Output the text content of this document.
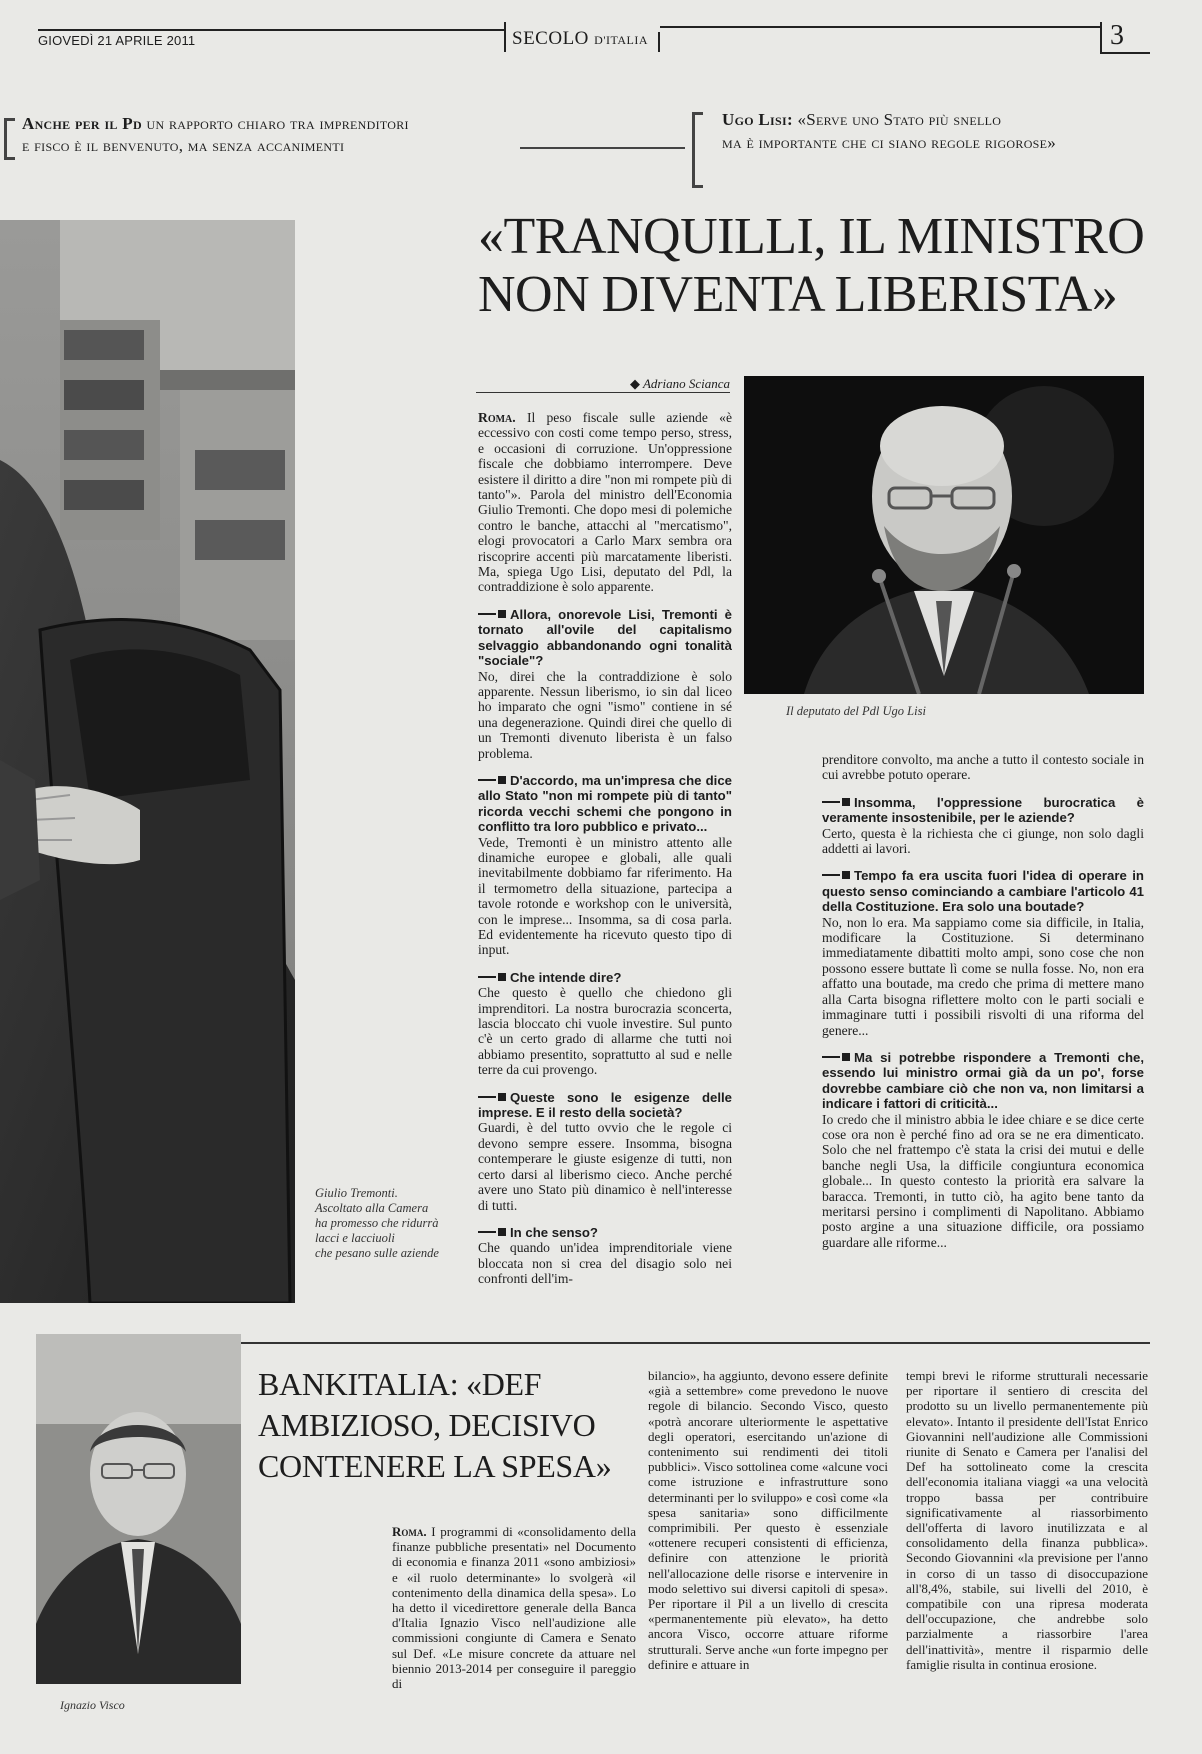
GIOVEDÌ 21 APRILE 2011	SECOLO D'ITALIA	3
Anche per il Pd un rapporto chiaro tra imprenditori
e fisco è il benvenuto, ma senza accanimenti
Ugo Lisi: «Serve uno Stato più snello
ma è importante che ci siano regole rigorose»
Giulio Tremonti.
Ascoltato alla Camera
ha promesso che ridurrà
lacci e lacciuoli
che pesano sulle aziende
«TRANQUILLI, IL MINISTRO
NON DIVENTA LIBERISTA»
◆ Adriano Scianca
Il deputato del Pdl Ugo Lisi

Roma. Il peso fiscale sulle aziende «è eccessivo con costi come tempo perso, stress, e occasioni di corruzione. Un'oppressione fiscale che dobbiamo interrompere. Deve esistere il diritto a dire "non mi rompete più di tanto"». Parola del ministro dell'Economia Giulio Tremonti. Che dopo mesi di polemiche contro le banche, attacchi al "mercatismo", elogi provocatori a Carlo Marx sembra ora riscoprire accenti più marcatamente liberisti. Ma, spiega Ugo Lisi, deputato del Pdl, la contraddizione è solo apparente.

Allora, onorevole Lisi, Tremonti è tornato all'ovile del capitalismo selvaggio abbandonando ogni tonalità "sociale"?

No, direi che la contraddizione è solo apparente. Nessun liberismo, io sin dal liceo ho imparato che ogni "ismo" contiene in sé una degenerazione. Quindi direi che quello di un Tremonti divenuto liberista è un falso problema.

D'accordo, ma un'impresa che dice allo Stato "non mi rompete più di tanto" ricorda vecchi schemi che pongono in conflitto tra loro pubblico e privato...

Vede, Tremonti è un ministro attento alle dinamiche europee e globali, alle quali inevitabilmente dobbiamo far riferimento. Ha il termometro della situazione, partecipa a tavole rotonde e workshop con le università, con le imprese... Insomma, sa di cosa parla. Ed evidentemente ha ricevuto questo tipo di input.

Che intende dire?

Che questo è quello che chiedono gli imprenditori. La nostra burocrazia sconcerta, lascia bloccato chi vuole investire. Sul punto c'è un certo grado di allarme che tutti noi abbiamo presentito, soprattutto al sud e nelle terre da cui provengo.

Queste sono le esigenze delle imprese. E il resto della società?

Guardi, è del tutto ovvio che le regole ci devono sempre essere. Insomma, bisogna contemperare le giuste esigenze di tutti, non certo darsi al liberismo cieco. Anche perché avere uno Stato più dinamico è nell'interesse di tutti.

In che senso?

Che quando un'idea imprenditoriale viene bloccata non si crea del disagio solo nei confronti dell'im-

prenditore convolto, ma anche a tutto il contesto sociale in cui avrebbe potuto operare.

Insomma, l'oppressione burocratica è veramente insostenibile, per le aziende?

Certo, questa è la richiesta che ci giunge, non solo dagli addetti ai lavori.

Tempo fa era uscita fuori l'idea di operare in questo senso cominciando a cambiare l'articolo 41 della Costituzione. Era solo una boutade?

No, non lo era. Ma sappiamo come sia difficile, in Italia, modificare la Costituzione. Si determinano immediatamente dibattiti molto ampi, sono cose che non possono essere buttate lì come se nulla fosse. No, non era affatto una boutade, ma credo che prima di mettere mano alla Carta bisogna riflettere molto con le parti sociali e immaginare tutti i possibili risvolti di una riforma del genere...

Ma si potrebbe rispondere a Tremonti che, essendo lui ministro ormai già da un po', forse dovrebbe cambiare ciò che non va, non limitarsi a indicare i fattori di criticità...

Io credo che il ministro abbia le idee chiare e se dice certe cose ora non è perché fino ad ora se ne era dimenticato. Solo che nel frattempo c'è stata la crisi dei mutui e delle banche negli Usa, la difficile congiuntura economica globale... In questo contesto la priorità era salvare la baracca. Tremonti, in tutto ciò, ha agito bene tanto da meritarsi persino i complimenti di Napolitano. Abbiamo posto argine a una situazione difficile, ora possiamo guardare alle riforme...

Ignazio Visco
BANKITALIA: «DEF
AMBIZIOSO, DECISIVO
CONTENERE LA SPESA»

Roma. I programmi di «consolidamento della finanze pubbliche presentati» nel Documento di economia e finanza 2011 «sono ambiziosi» e «il ruolo determinante» lo svolgerà «il contenimento della dinamica della spesa». Lo ha detto il vicedirettore generale della Banca d'Italia Ignazio Visco nell'audizione alle commissioni congiunte di Camera e Senato sul Def. «Le misure concrete da attuare nel biennio 2013-2014 per conseguire il pareggio di

bilancio», ha aggiunto, devono essere definite «già a settembre» come prevedono le nuove regole di bilancio. Secondo Visco, questo «potrà ancorare ulteriormente le aspettative degli operatori, esercitando un'azione di contenimento sui rendimenti dei titoli pubblici». Visco sottolinea come «alcune voci come istruzione e infrastrutture sono determinanti per lo sviluppo» e così come «la spesa sanitaria» sono difficilmente comprimibili. Per questo è essenziale «ottenere recuperi consistenti di efficienza, definire con attenzione le priorità nell'allocazione delle risorse e intervenire in modo selettivo sui diversi capitoli di spesa». Per riportare il Pil a un livello di crescita «permanentemente più elevato», ha detto ancora Visco, occorre attuare riforme strutturali. Serve anche «un forte impegno per definire e attuare in

tempi brevi le riforme strutturali necessarie per riportare il sentiero di crescita del prodotto su un livello permanentemente più elevato». Intanto il presidente dell'Istat Enrico Giovannini nell'audizione alle Commissioni riunite di Senato e Camera per l'analisi del Def ha sottolineato come la crescita dell'economia italiana viaggi «a una velocità troppo bassa per contribuire significativamente al riassorbimento dell'offerta di lavoro inutilizzata e al consolidamento della finanza pubblica». Secondo Giovannini «la previsione per l'anno in corso di un tasso di disoccupazione all'8,4%, stabile, sui livelli del 2010, è compatibile con una ripresa moderata dell'occupazione, che andrebbe solo parzialmente a riassorbire l'area dell'inattività», mentre il risparmio delle famiglie risulta in continua erosione.
